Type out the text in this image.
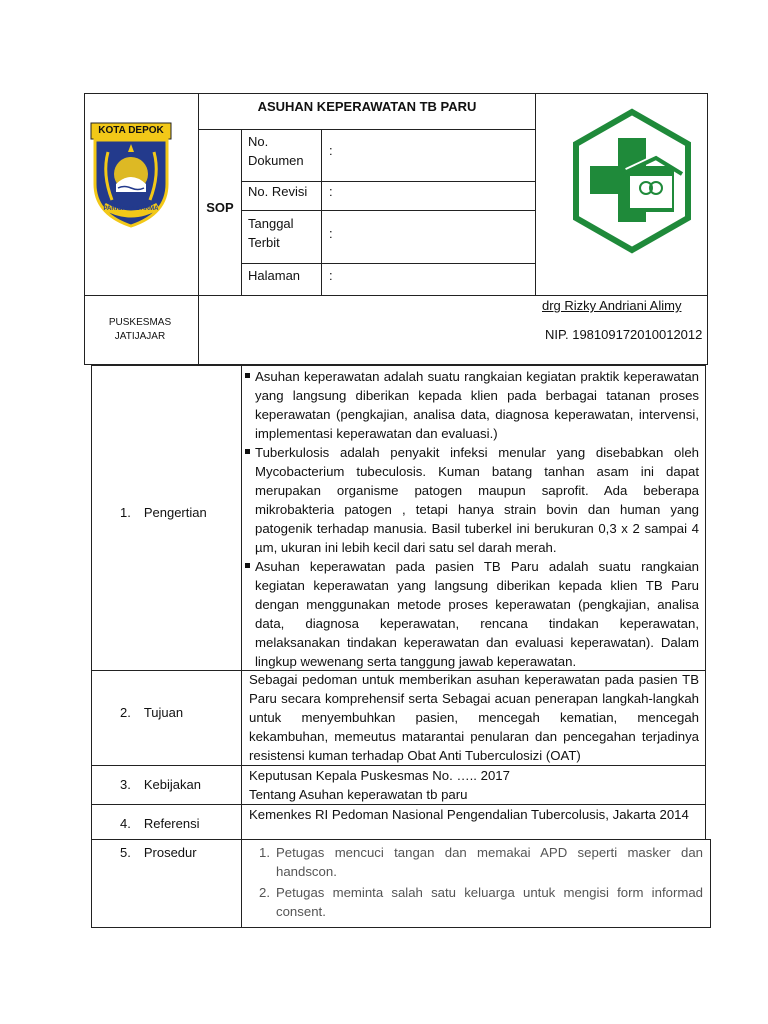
KOTA DEPOK
PARICARA DARMA
ASUHAN KEPERAWATAN TB PARU
SOP
No. Dokumen
:
No. Revisi :
Tanggal Terbit
:
Halaman :
PUSKESMAS JATIJAJAR
drg Rizky Andriani Alimy
NIP. 198109172010012012
1. Pengertian
Asuhan keperawatan adalah suatu rangkaian kegiatan praktik keperawatan yang langsung diberikan kepada klien pada berbagai tatanan proses keperawatan (pengkajian, analisa data, diagnosa keperawatan, intervensi, implementasi keperawatan dan evaluasi.)
Tuberkulosis adalah penyakit infeksi menular yang disebabkan oleh Mycobacterium tubeculosis. Kuman batang tanhan asam ini dapat merupakan organisme patogen maupun saprofit. Ada beberapa mikrobakteria patogen , tetapi hanya strain bovin dan human yang patogenik terhadap manusia. Basil tuberkel ini berukuran 0,3 x 2 sampai 4 µm, ukuran ini lebih kecil dari satu sel darah merah.
Asuhan keperawatan pada pasien TB Paru adalah suatu rangkaian kegiatan keperawatan yang langsung diberikan kepada klien TB Paru dengan menggunakan metode proses keperawatan (pengkajian, analisa data, diagnosa keperawatan, rencana tindakan keperawatan, melaksanakan tindakan keperawatan dan evaluasi keperawatan). Dalam lingkup wewenang serta tanggung jawab keperawatan.
2. Tujuan
Sebagai pedoman untuk memberikan asuhan keperawatan pada pasien TB Paru secara komprehensif serta Sebagai acuan penerapan langkah-langkah untuk menyembuhkan pasien, mencegah kematian, mencegah kekambuhan, memeutus matarantai penularan dan pencegahan terjadinya resistensi kuman terhadap Obat Anti Tuberculosizi (OAT)
3. Kebijakan
Keputusan Kepala Puskesmas No. ….. 2017
Tentang Asuhan keperawatan tb paru
4. Referensi
Kemenkes RI Pedoman Nasional Pengendalian Tubercolusis, Jakarta 2014
5. Prosedur	1. Petugas mencuci tangan dan memakai APD seperti masker dan handscon.
2. Petugas meminta salah satu keluarga untuk mengisi form informad consent.
